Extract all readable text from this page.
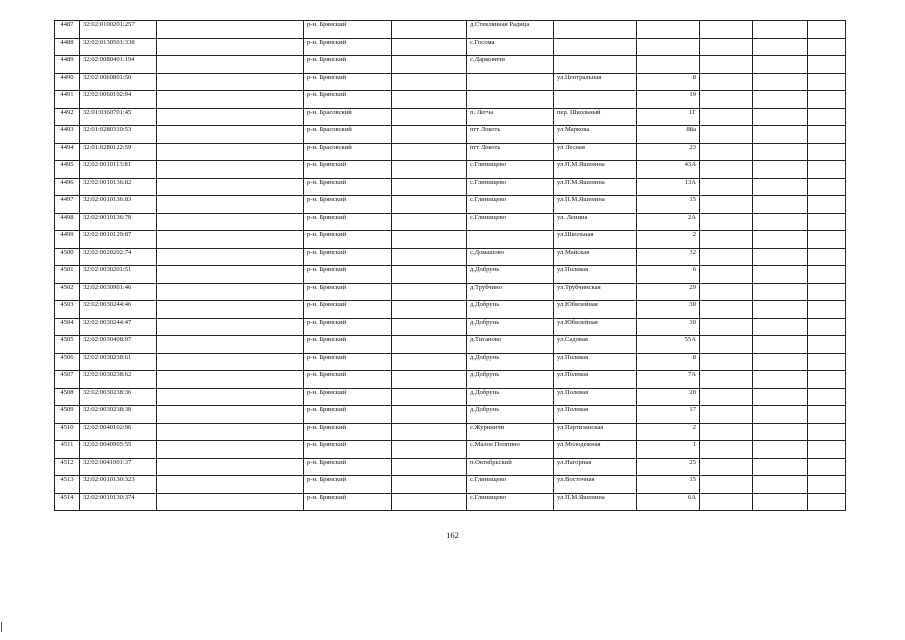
4487	32:02:0100201:257		р-н. Брянский		д.Стеклянная Радица					
4488	32:02:0130501:338		р-н. Брянский		с.Госома					
4489	32:02:0080401:194		р-н. Брянский		с.Дарковичи					
4490	32:02:0060801:50		р-н. Брянский			ул.Центральная	8			
4491	32:02:0060102:94		р-н. Брянский				19			
4492	32:01:0360701:45		р-н. Брасовский		п. Легча	пер. Школьный	1Г			
4493	32:01:0280310:53		р-н. Брасовский		пгт Локоть	ул Маркова	88а			
4494	32:01:0280122:59		р-н. Брасовский		пгт Локоть	ул Лесная	23			
4495	32:02:0010113:81		р-н. Брянский		с.Глинищево	ул.П.М.Яшенина	43А			
4496	32:02:0010136:82		р-н. Брянский		с.Глинищево	ул.П.М.Яшенина	13А			
4497	32:02:0010136:83		р-н. Брянский		с.Глинищево	ул.П.М.Яшенина	15			
4498	32:02:0010136:78		р-н. Брянский		с.Глинищево	ул. Ленина	2А			
4499	32:02:0010129:87		р-н. Брянский			ул.Школьная	2			
4500	32:02:0020202:74		р-н. Брянский		с.Домашово	ул.Майская	32			
4501	32:02:0030201:51		р-н. Брянский		д.Добрунь	ул.Полевая	6			
4502	32:02:0030901:46		р-н. Брянский		д.Трубчино	ул.Трубчинская	29			
4503	32:02:0030244:46		р-н. Брянский		д.Добрунь	ул.Юбилейная	30			
4504	32:02:0030244:47		р-н. Брянский		д.Добрунь	ул.Юбилейная	30			
4505	32:02:0030408:97		р-н. Брянский		д.Тиганово	ул.Садовая	55А			
4506	32:02:0030238:61		р-н. Брянский		д.Добрунь	ул.Полевая	8			
4507	32:02:0030238:62		р-н. Брянский		д.Добрунь	ул.Полевая	7А			
4508	32:02:0030238:36		р-н. Брянский		д.Добрунь	ул.Полевая	20			
4509	32:02:0030238:38		р-н. Брянский		д.Добрунь	ул.Полевая	17			
4510	32:02:0040102:96		р-н. Брянский		с.Журиничи	ул.Партизанская	2			
4511	32:02:0040905:55		р-н. Брянский		с.Малое Полпино	ул.Молодежная	1			
4512	32:02:0041001:37		р-н. Брянский		п.Октябрьский	ул.Нагорная	25			
4513	32:02:0010130:323		р-н. Брянский		с.Глинищево	ул.Восточная	15			
4514	32:02:0010130:374		р-н. Брянский		с.Глинищево	ул.П.М.Яшенина	6А			
162
